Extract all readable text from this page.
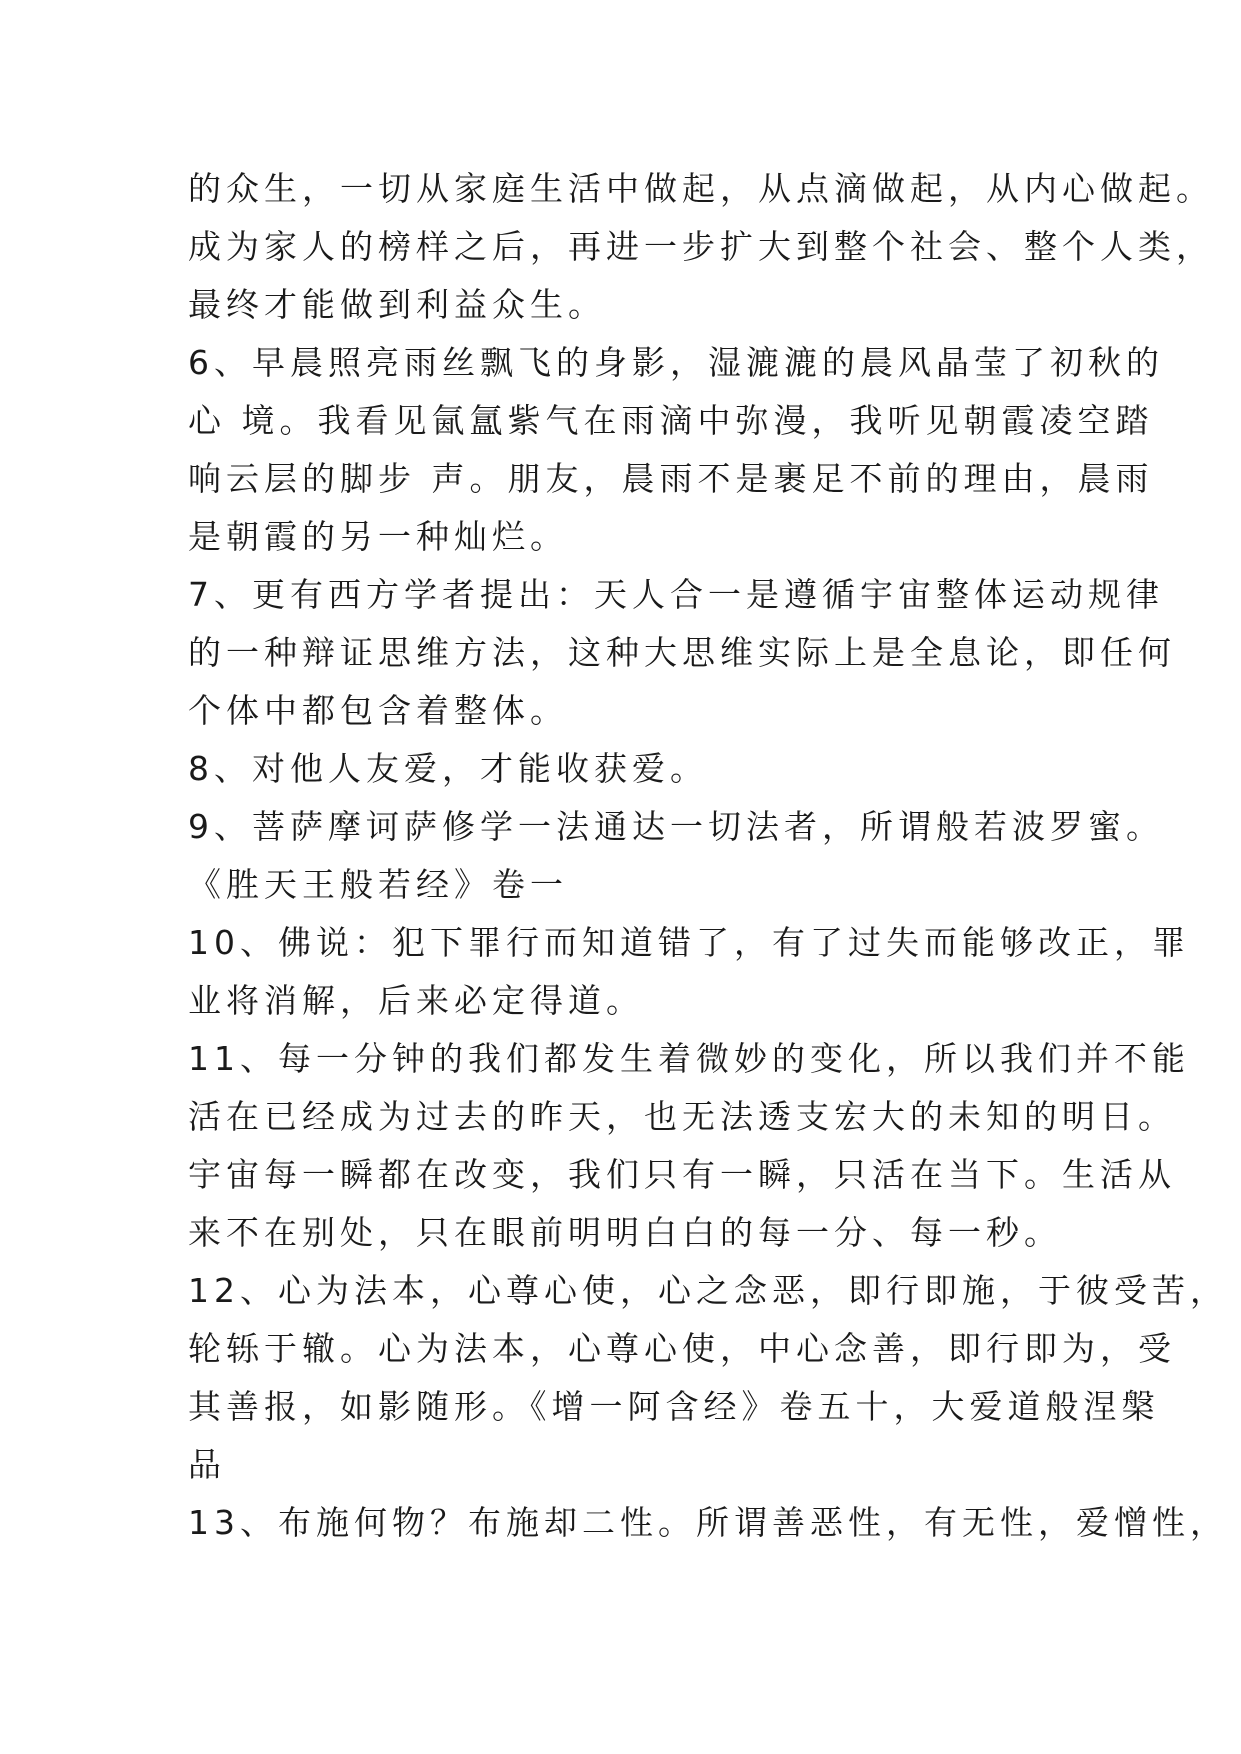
的众生，一切从家庭生活中做起，从点滴做起，从内心做起。
成为家人的榜样之后，再进一步扩大到整个社会、整个人类，
最终才能做到利益众生。
6、早晨照亮雨丝飘飞的身影，湿漉漉的晨风晶莹了初秋的
心 境。我看见氤氲紫气在雨滴中弥漫，我听见朝霞凌空踏
响云层的脚步 声。朋友，晨雨不是裹足不前的理由，晨雨
是朝霞的另一种灿烂。
7、更有西方学者提出：天人合一是遵循宇宙整体运动规律
的一种辩证思维方法，这种大思维实际上是全息论，即任何
个体中都包含着整体。
8、对他人友爱，才能收获爱。
9、菩萨摩诃萨修学一法通达一切法者，所谓般若波罗蜜。
《胜天王般若经》卷一
10、佛说：犯下罪行而知道错了，有了过失而能够改正，罪
业将消解，后来必定得道。
11、每一分钟的我们都发生着微妙的变化，所以我们并不能
活在已经成为过去的昨天，也无法透支宏大的未知的明日。
宇宙每一瞬都在改变，我们只有一瞬，只活在当下。生活从
来不在别处，只在眼前明明白白的每一分、每一秒。
12、心为法本，心尊心使，心之念恶，即行即施，于彼受苦，
轮轹于辙。心为法本，心尊心使，中心念善，即行即为，受
其善报，如影随形。《增一阿含经》卷五十，大爱道般涅槃
品
13、布施何物？布施却二性。所谓善恶性，有无性，爱憎性，
